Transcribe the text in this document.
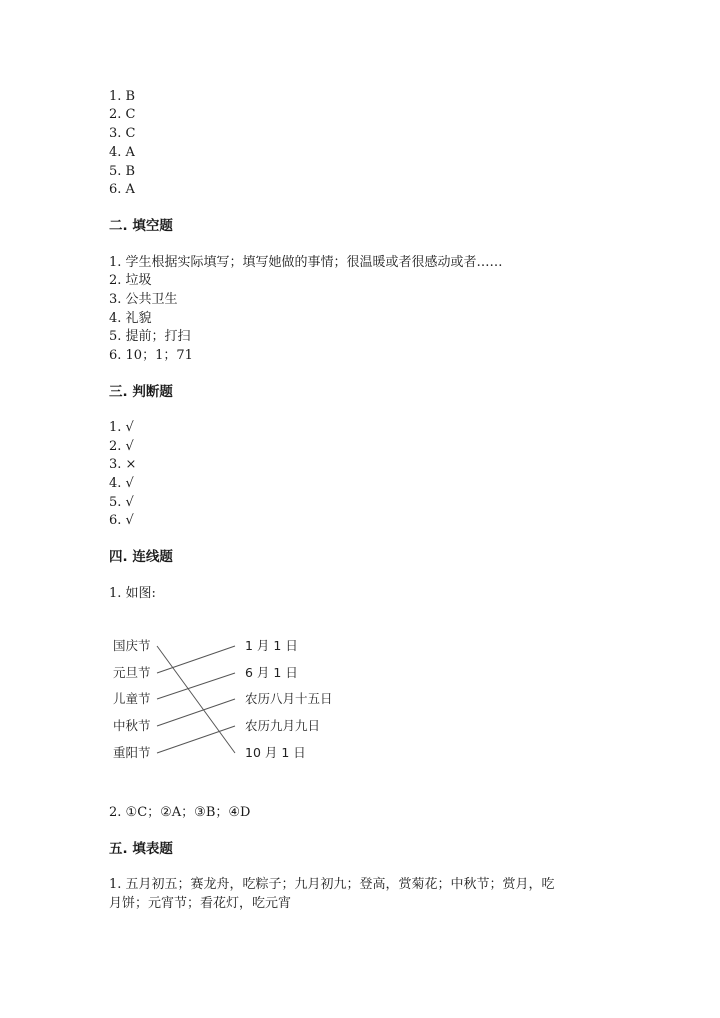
1. B
2. C
3. C
4. A
5. B
6. A
二. 填空题
1. 学生根据实际填写；填写她做的事情；很温暖或者很感动或者……
2. 垃圾
3. 公共卫生
4. 礼貌
5. 提前；打扫
6. 10；1；71
三. 判断题
1. √
2. √
3. ×
4. √
5. √
6. √
四. 连线题
1. 如图:
国庆节
元旦节
儿童节
中秋节
重阳节
1 月 1 日
6 月 1 日
农历八月十五日
农历九月九日
10 月 1 日
2. ①C；②A；③B；④D
五. 填表题
1. 五月初五；赛龙舟，吃粽子；九月初九；登高，赏菊花；中秋节；赏月，吃
月饼；元宵节；看花灯，吃元宵
